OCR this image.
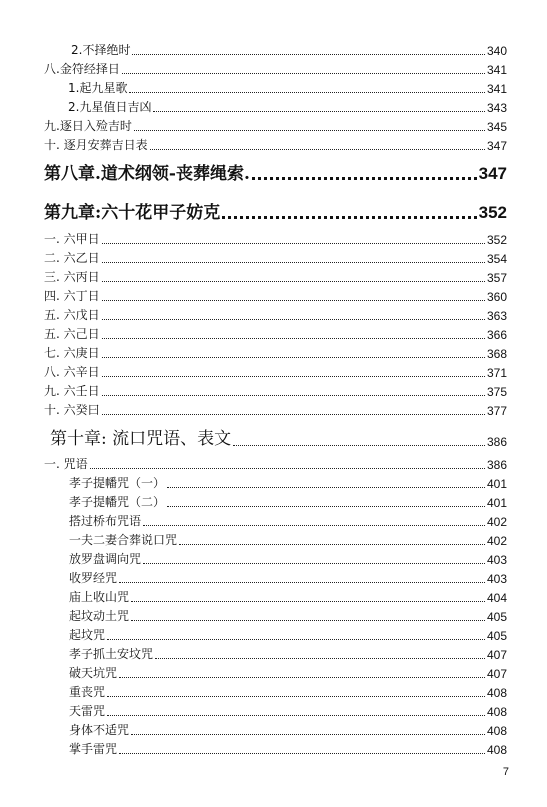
2.不择绝时	340
八.金符经择日	341
1.起九星歌	341
2.九星值日吉凶	343
九.逐日入殓吉时	345
十. 逐月安葬吉日表	347
第八章.道术纲领-丧葬绳索.	347
第九章:六十花甲子妨克	352
一. 六甲日	352
二. 六乙日	354
三. 六丙日	357
四. 六丁日	360
五. 六戊日	363
五. 六己日	366
七. 六庚日	368
八. 六辛日	371
九. 六壬日	375
十. 六癸曰	377
第十章: 流口咒语、表文	386
一. 咒语	386
孝子提幡咒（一）	401
孝子提幡咒（二）	401
搭过桥布咒语	402
一夫二妻合葬说口咒	402
放罗盘调向咒	403
收罗经咒	403
庙上收山咒	404
起坟动土咒	405
起坟咒	405
孝子抓土安坟咒	407
破天坑咒	407
重丧咒	408
天雷咒	408
身体不适咒	408
掌手雷咒	408
7
